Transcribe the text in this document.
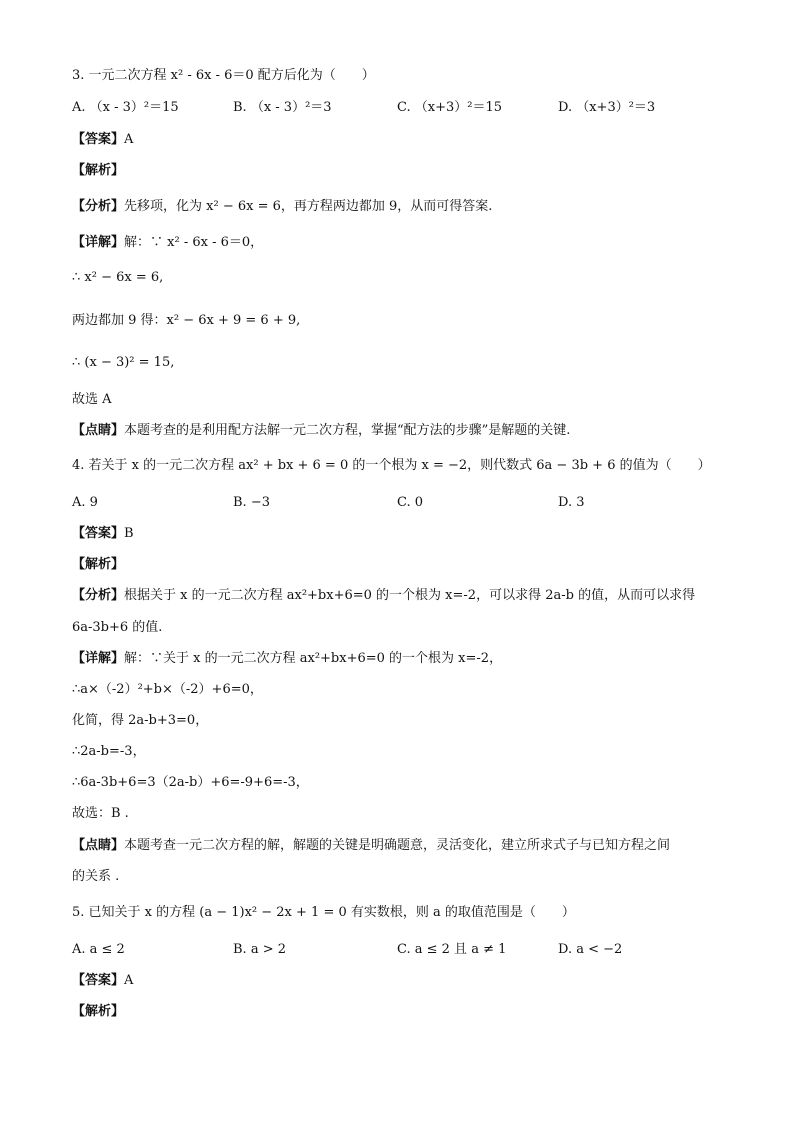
3. 一元二次方程 x² - 6x - 6＝0 配方后化为（　　）
A. （x - 3）²＝15	B. （x - 3）²＝3	C. （x+3）²＝15	D. （x+3）²＝3
【答案】A
【解析】
【分析】先移项，化为 x² − 6x = 6，再方程两边都加 9，从而可得答案.
【详解】解：∵ x² - 6x - 6＝0，
∴ x² − 6x = 6,
两边都加 9 得：x² − 6x + 9 = 6 + 9,
∴ (x − 3)² = 15,
故选 A
【点睛】本题考查的是利用配方法解一元二次方程，掌握“配方法的步骤”是解题的关键.
4. 若关于 x 的一元二次方程 ax² + bx + 6 = 0 的一个根为 x = −2，则代数式 6a − 3b + 6 的值为（　　）
A. 9	B. −3	C. 0	D. 3
【答案】B
【解析】
【分析】根据关于 x 的一元二次方程 ax²+bx+6=0 的一个根为 x=-2，可以求得 2a-b 的值，从而可以求得
6a-3b+6 的值.
【详解】解：∵关于 x 的一元二次方程 ax²+bx+6=0 的一个根为 x=-2，
∴a×（-2）²+b×（-2）+6=0，
化简，得 2a-b+3=0，
∴2a-b=-3，
∴6a-3b+6=3（2a-b）+6=-9+6=-3，
故选：B .
【点睛】本题考查一元二次方程的解，解题的关键是明确题意，灵活变化，建立所求式子与已知方程之间
的关系 .
5. 已知关于 x 的方程 (a − 1)x² − 2x + 1 = 0 有实数根，则 a 的取值范围是（　　）
A. a ≤ 2	B. a > 2	C. a ≤ 2 且 a ≠ 1	D. a < −2
【答案】A
【解析】
